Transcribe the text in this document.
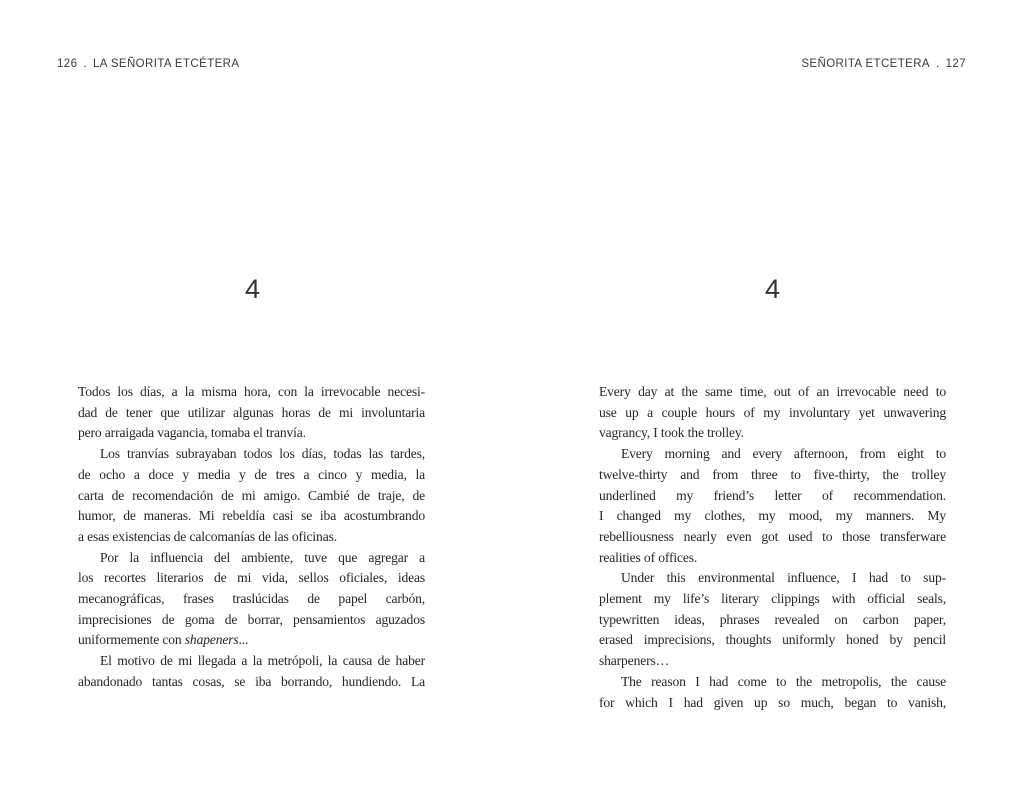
126 . LA SEÑORITA ETCÉTERA	SEÑORITA ETCETERA . 127
4	4
Todos los días, a la misma hora, con la irrevocable necesi-
dad de tener que utilizar algunas horas de mi involuntaria
pero arraigada vagancia, tomaba el tranvía.
Los tranvías subrayaban todos los días, todas las tardes,
de ocho a doce y media y de tres a cinco y media, la
carta de recomendación de mi amigo. Cambié de traje, de
humor, de maneras. Mi rebeldía casi se iba acostumbrando
a esas existencias de calcomanías de las oficinas.
Por la influencia del ambiente, tuve que agregar a
los recortes literarios de mi vida, sellos oficiales, ideas
mecanográficas, frases traslúcidas de papel carbón,
imprecisiones de goma de borrar, pensamientos aguzados
uniformemente con shapeners...
El motivo de mi llegada a la metrópoli, la causa de haber
abandonado tantas cosas, se iba borrando, hundiendo. La
Every day at the same time, out of an irrevocable need to
use up a couple hours of my involuntary yet unwavering
vagrancy, I took the trolley.
Every morning and every afternoon, from eight to
twelve-thirty and from three to five-thirty, the trolley
underlined my friend’s letter of recommendation.
I changed my clothes, my mood, my manners. My
rebelliousness nearly even got used to those transferware
realities of offices.
Under this environmental influence, I had to sup-
plement my life’s literary clippings with official seals,
typewritten ideas, phrases revealed on carbon paper,
erased imprecisions, thoughts uniformly honed by pencil
sharpeners…
The reason I had come to the metropolis, the cause
for which I had given up so much, began to vanish,
